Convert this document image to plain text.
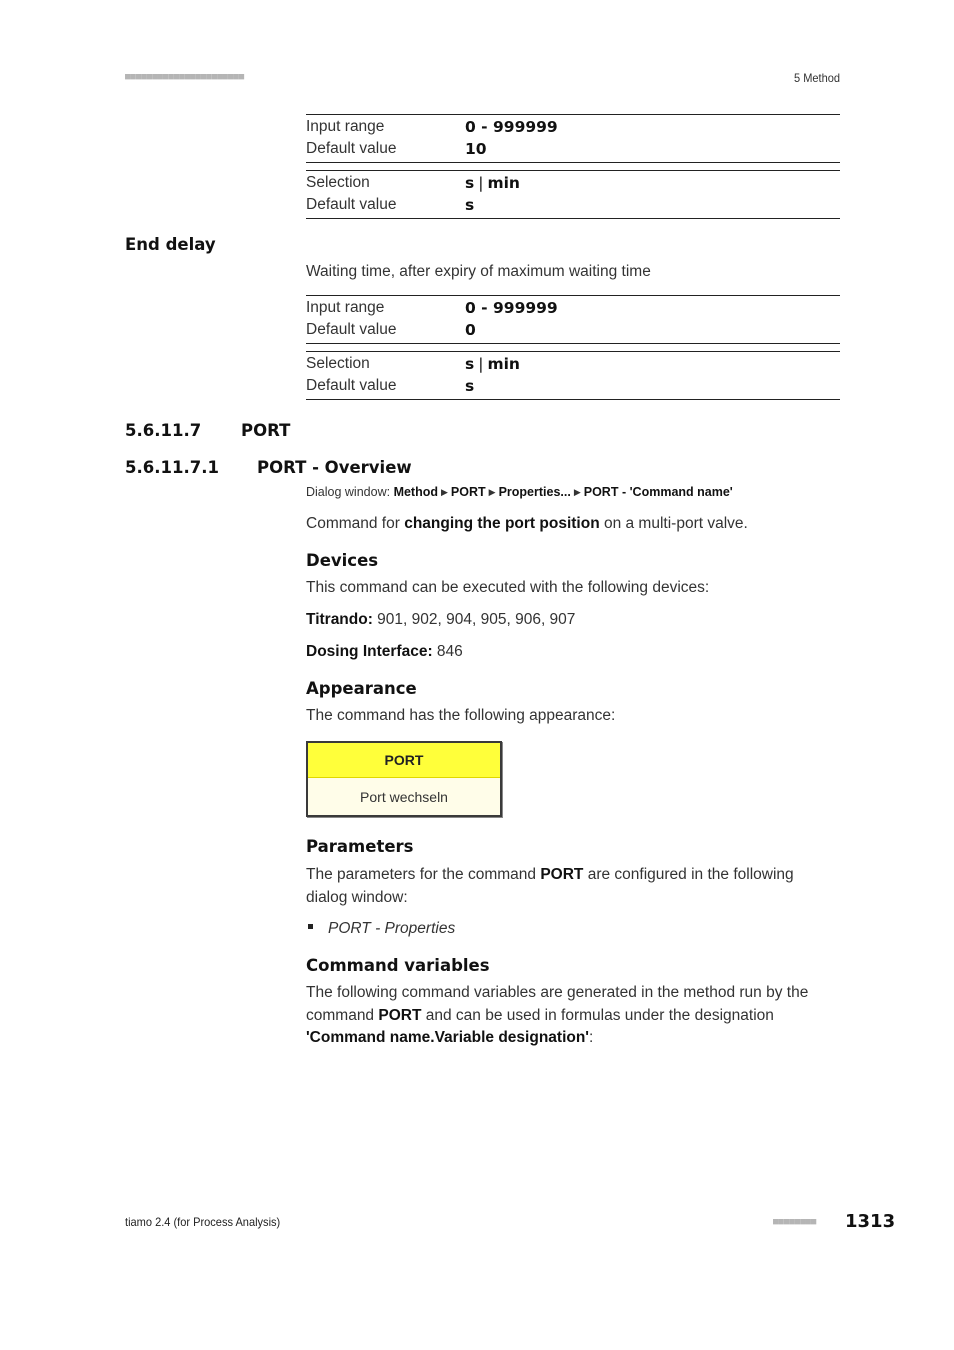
■■■■■■■■■■■■■■■■■■■■■■	5 Method
Input range	0 - 999999
Default value	10
Selection	s | min
Default value	s
End delay
Waiting time, after expiry of maximum waiting time
Input range	0 - 999999
Default value	0
Selection	s | min
Default value	s
5.6.11.7 PORT
5.6.11.7.1 PORT - Overview
Dialog window: Method ▶ PORT ▶ Properties... ▶ PORT - 'Command name'
Command for changing the port position on a multi-port valve.
Devices
This command can be executed with the following devices:
Titrando: 901, 902, 904, 905, 906, 907
Dosing Interface: 846
Appearance
The command has the following appearance:
PORT
Port wechseln
Parameters
The parameters for the command PORT are configured in the following
dialog window:
PORT - Properties
Command variables
The following command variables are generated in the method run by the
command PORT and can be used in formulas under the designation
'Command name.Variable designation':
tiamo 2.4 (for Process Analysis)	■■■■■■■■ 1313
